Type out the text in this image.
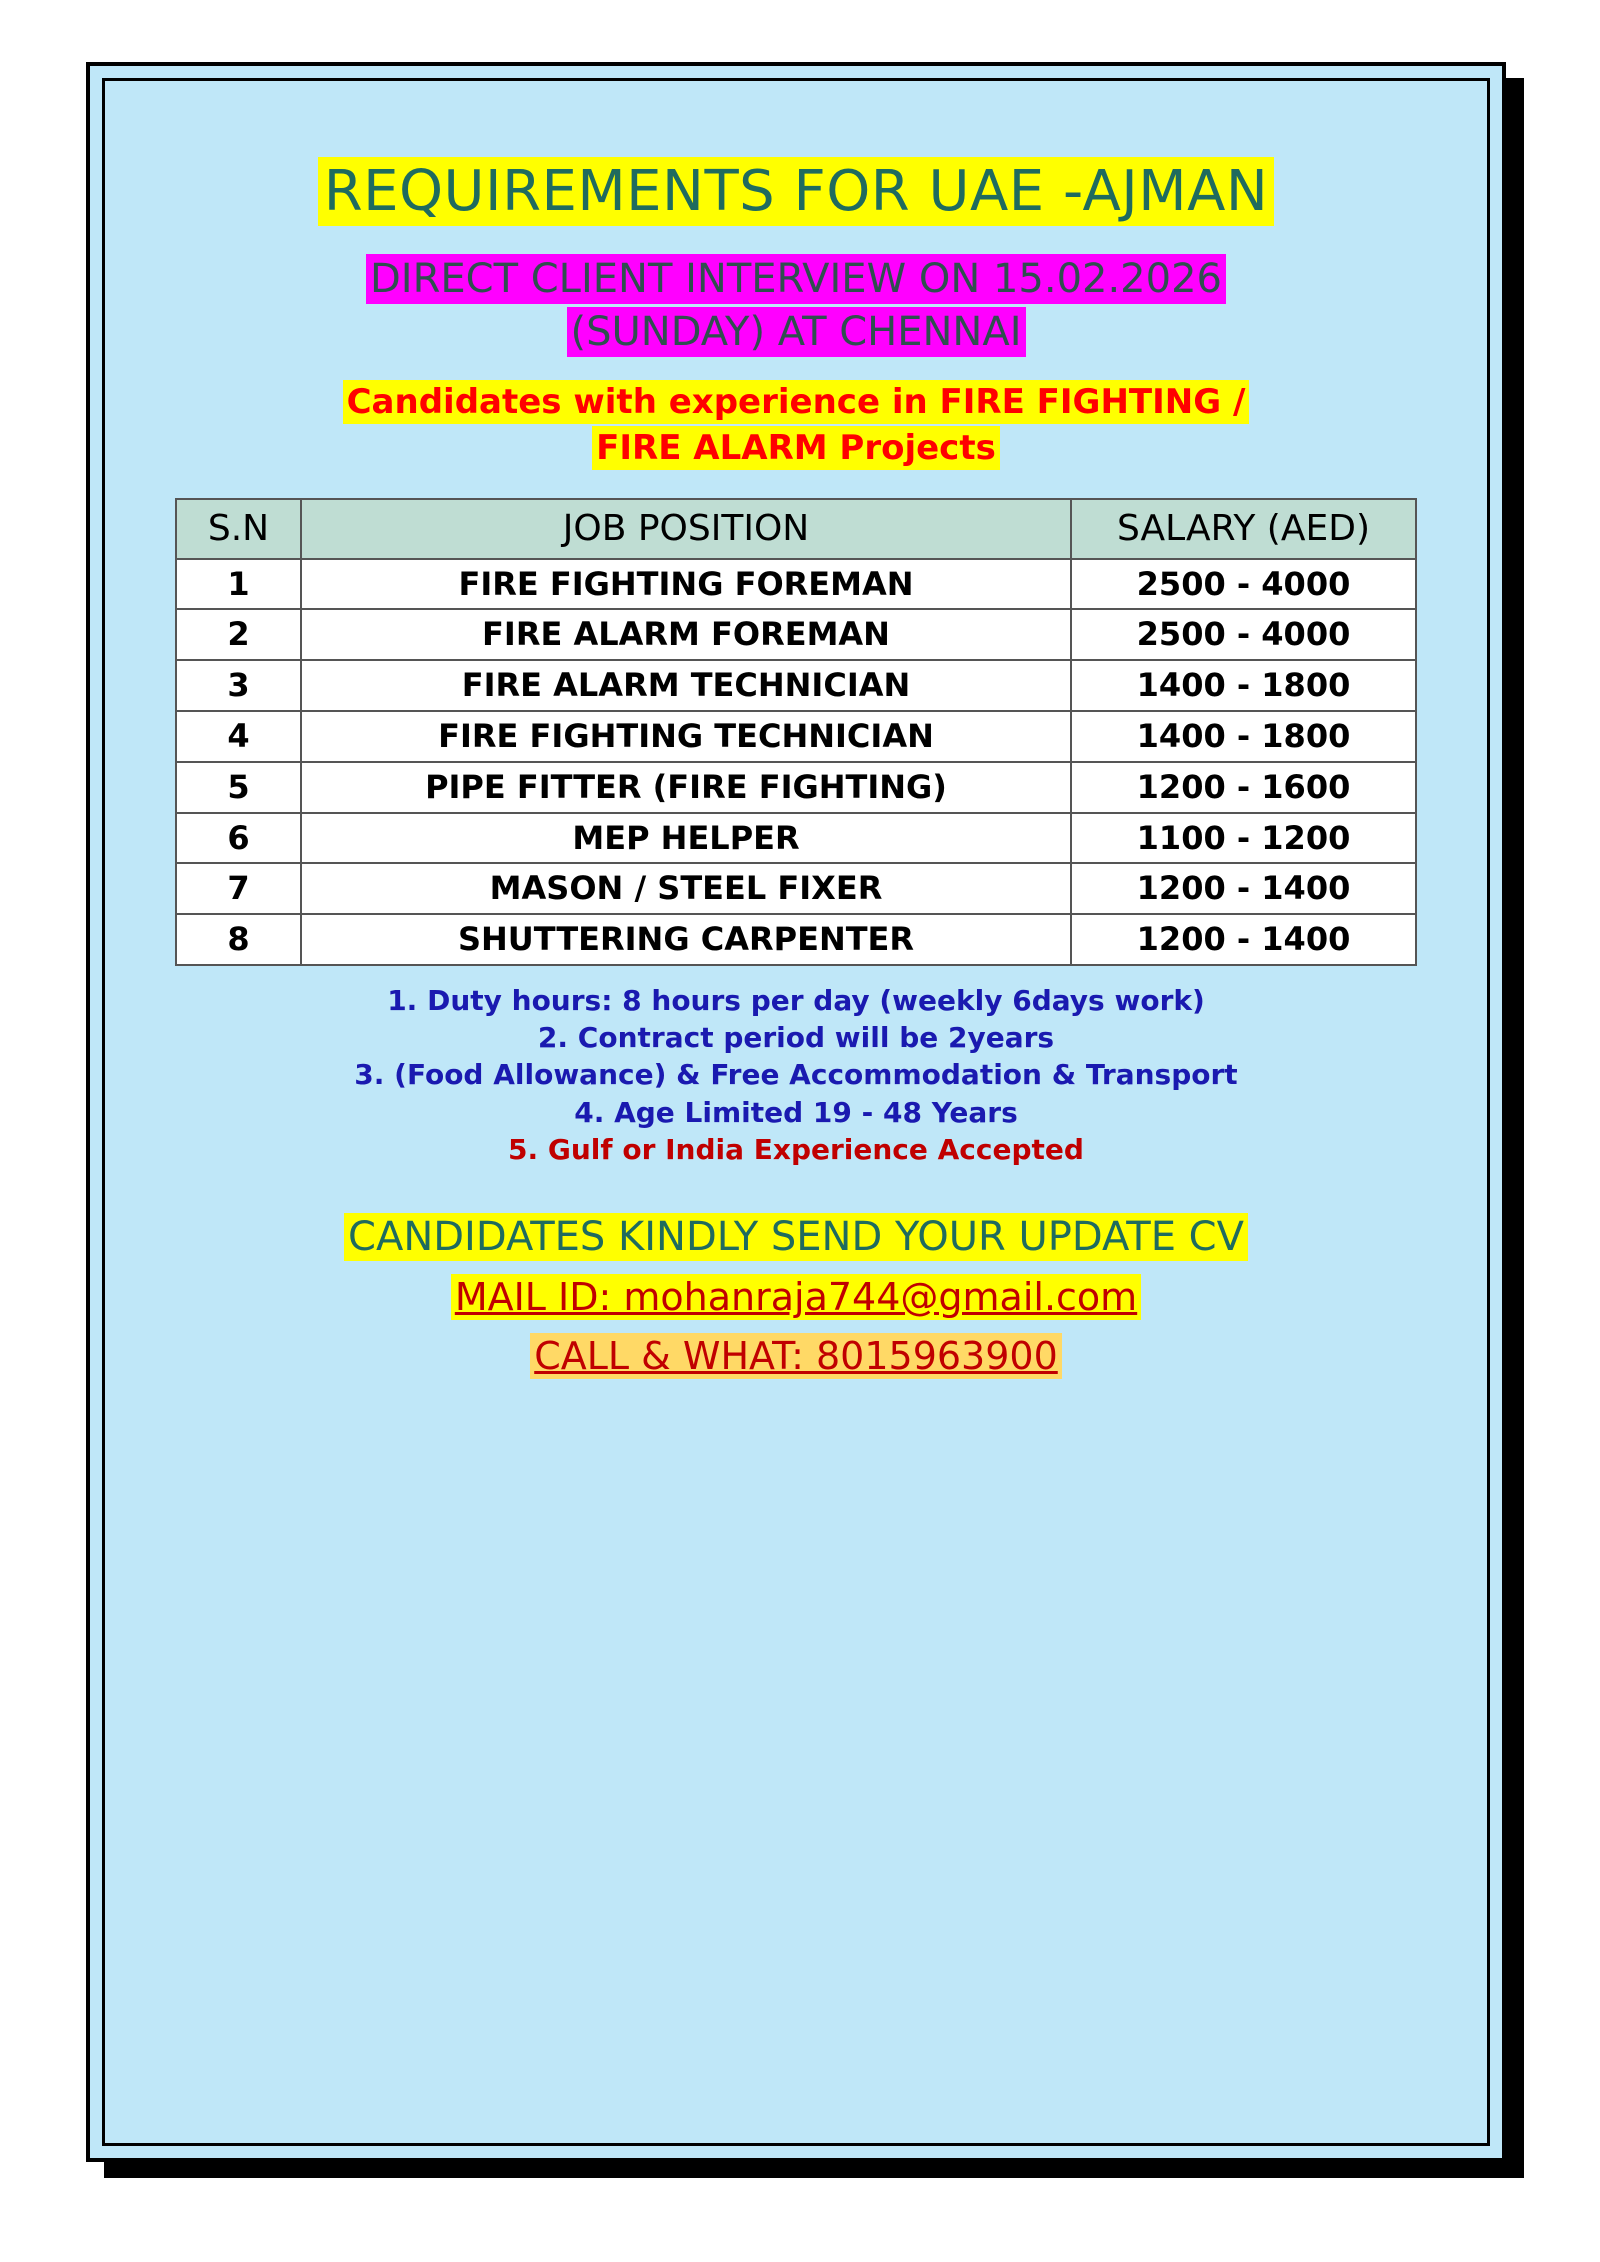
REQUIREMENTS FOR UAE -AJMAN
DIRECT CLIENT INTERVIEW ON 15.02.2026
(SUNDAY) AT CHENNAI
Candidates with experience in FIRE FIGHTING /
FIRE ALARM Projects
S.N	JOB POSITION	SALARY (AED)
1	FIRE FIGHTING FOREMAN	2500 - 4000
2	FIRE ALARM FOREMAN	2500 - 4000
3	FIRE ALARM TECHNICIAN	1400 - 1800
4	FIRE FIGHTING TECHNICIAN	1400 - 1800
5	PIPE FITTER (FIRE FIGHTING)	1200 - 1600
6	MEP HELPER	1100 - 1200
7	MASON / STEEL FIXER	1200 - 1400
8	SHUTTERING CARPENTER	1200 - 1400
1. Duty hours: 8 hours per day (weekly 6days work)
2. Contract period will be 2years
3. (Food Allowance) & Free Accommodation & Transport
4. Age Limited 19 - 48 Years
5. Gulf or India Experience Accepted
CANDIDATES KINDLY SEND YOUR UPDATE CV
MAIL ID: mohanraja744@gmail.com
CALL & WHAT: 8015963900
